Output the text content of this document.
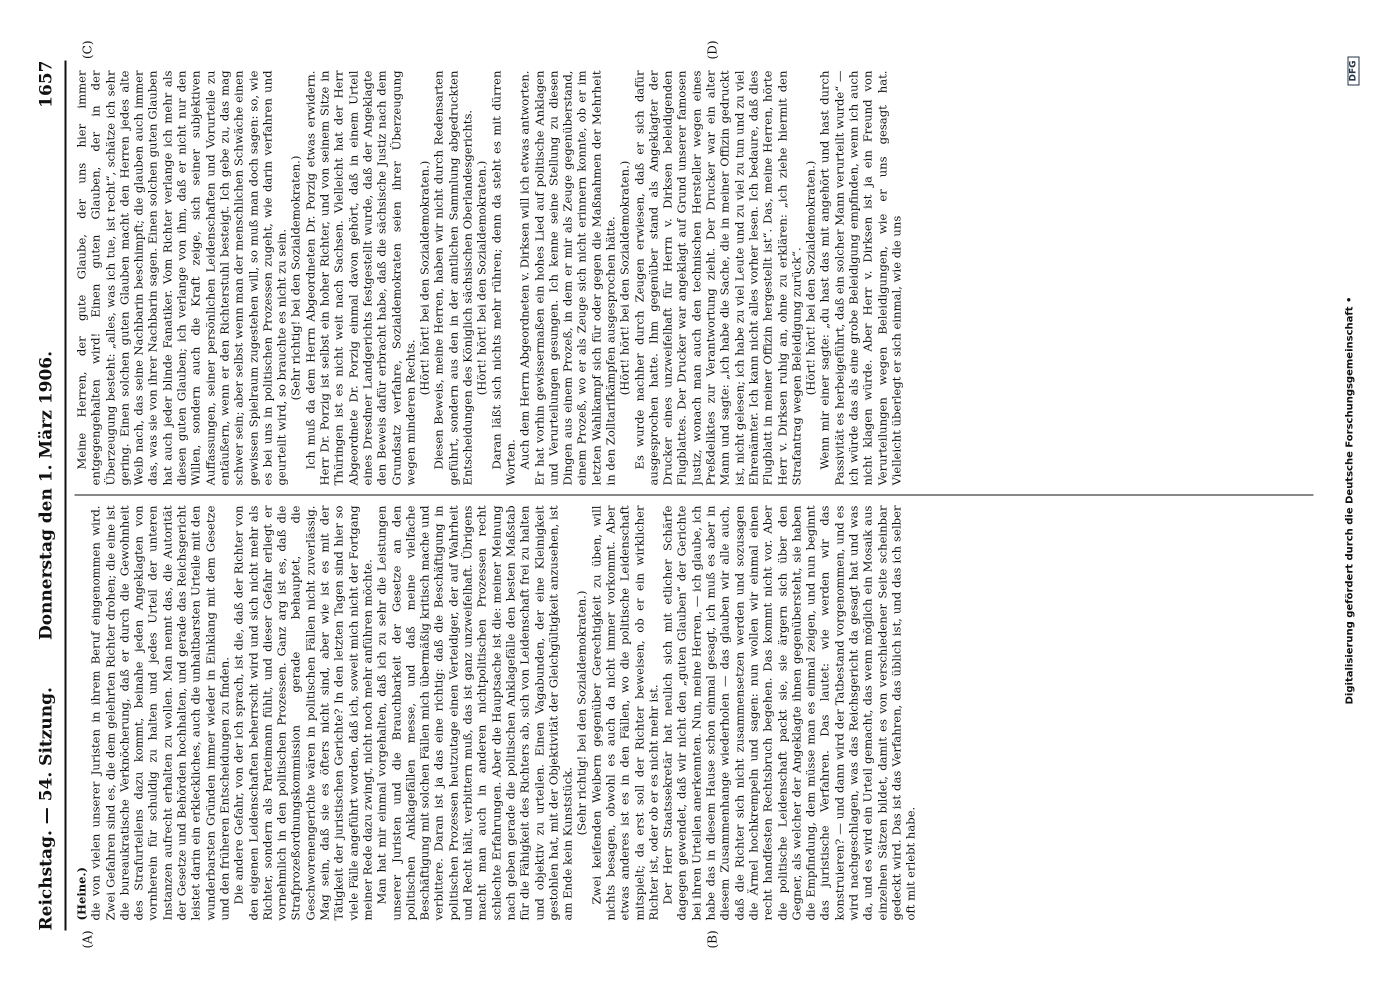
Reichstag. — 54. Sitzung.
Donnerstag den 1. März 1906.
1657
(A)	(B)
(C)	(D)

(Heine.) die von vielen unserer Juristen in ihrem Beruf eingenommen wird. Zwei Gefahren sind es, die dem gelehrten Richter drohen; die eine ist die bureaukratische Verknöcherung, daß er durch die Gewohnheit des Strafurteilens dazu kommt, beinahe jeden Angeklagten von vornherein für schuldig zu halten und jedes Urteil der unteren Instanzen aufrecht erhalten zu wollen. Man nennt das, die Autorität der Gesetze und Behörden hochhalten, und gerade das Reichsgericht leistet darin ein erkleckliches, auch die unhaltbarsten Urteile mit den wunderbarsten Gründen immer wieder in Einklang mit dem Gesetze und den früheren Entscheidungen zu finden. Die andere Gefahr, von der ich sprach, ist die, daß der Richter von den eigenen Leidenschaften beherrscht wird und sich nicht mehr als Richter, sondern als Parteimann fühlt, und dieser Gefahr erliegt er vornehmlich in den politischen Prozessen. Ganz arg ist es, daß die Strafprozeßordnungskommission gerade behauptet, die Geschworenengerichte wären in politischen Fällen nicht zuverlässig. Mag sein, daß sie es öfters nicht sind, aber wie ist es mit der Tätigkeit der juristischen Gerichte? In den letzten Tagen sind hier so viele Fälle angeführt worden, daß ich, soweit mich nicht der Fortgang meiner Rede dazu zwingt, nicht noch mehr anführen möchte. Man hat mir einmal vorgehalten, daß ich zu sehr die Leistungen unserer Juristen und die Brauchbarkeit der Gesetze an den politischen Anklagefällen messe, und daß meine vielfache Beschäftigung mit solchen Fällen mich übermäßig kritisch mache und verbittere. Daran ist ja das eine richtig: daß die Beschäftigung in politischen Prozessen heutzutage einen Verteidiger, der auf Wahrheit und Recht hält, verbittern muß, das ist ganz unzweifelhaft. Übrigens macht man auch in anderen nichtpolitischen Prozessen recht schlechte Erfahrungen. Aber die Hauptsache ist die: meiner Meinung nach geben gerade die politischen Anklagefälle den besten Maßstab für die Fähigkeit des Richters ab, sich von Leidenschaft frei zu halten und objektiv zu urteilen. Einen Vagabunden, der eine Kleinigkeit gestohlen hat, mit der Objektivität der Gleichgültigkeit anzusehen, ist am Ende kein Kunststück.

(Sehr richtig! bei den Sozialdemokraten.) Zwei keifenden Weibern gegenüber Gerechtigkeit zu üben, will nichts besagen, obwohl es auch da nicht immer vorkommt. Aber etwas anderes ist es in den Fällen, wo die politische Leidenschaft mitspielt; da erst soll der Richter beweisen, ob er ein wirklicher Richter ist, oder ob er es nicht mehr ist. Der Herr Staatssekretär hat neulich sich mit etlicher Schärfe dagegen gewendet, daß wir nicht den „guten Glauben“ der Gerichte bei ihren Urteilen anerkennten. Nun, meine Herren, — ich glaube, ich habe das in diesem Hause schon einmal gesagt, ich muß es aber in diesem Zusammenhange wiederholen — das glauben wir alle auch, daß die Richter sich nicht zusammensetzen werden und sozusagen die Ärmel hochkrempeln und sagen: nun wollen wir einmal einen recht handfesten Rechtsbruch begehen. Das kommt nicht vor. Aber die politische Leidenschaft packt sie, sie ärgern sich über den Gegner, als welcher der Angeklagte ihnen gegenübersteht, sie haben die Empfindung, dem müsse man es einmal zeigen, und nun beginnt das juristische Verfahren. Das lautet: wie werden wir das konstruieren? — und dann wird der Tatbestand vorgenommen, und es wird nachgeschlagen, was das Reichsgericht da gesagt hat und was da, und es wird ein Urteil gemacht, das wenn möglich ein Mosaik aus einzelnen Sätzen bildet, damit es von verschiedener Seite scheinbar gedeckt wird. Das ist das Verfahren, das üblich ist, und das ich selber oft mit erlebt habe.

Meine Herren, der gute Glaube, der uns hier immer entgegengehalten wird! Einen guten Glauben, der in der Überzeugung besteht: „alles, was ich tue, ist recht“, schätze ich sehr gering. Einen solchen guten Glauben macht den Herren jedes alte Weib nach, das seine Nachbarin beschimpft; die glauben auch immer das, was sie von ihrer Nachbarin sagen. Einen solchen guten Glauben hat auch jeder blinde Fanatiker. Vom Richter verlange ich mehr als diesen guten Glauben; ich verlange von ihm, daß er nicht nur den Willen, sondern auch die Kraft zeige, sich seiner subjektiven Auffassungen, seiner persönlichen Leidenschaften und Vorurteile zu entäußern, wenn er den Richterstuhl besteigt. Ich gebe zu, das mag schwer sein; aber selbst wenn man der menschlichen Schwäche einen gewissen Spielraum zugestehen will, so muß man doch sagen: so, wie es bei uns in politischen Prozessen zugeht, wie darin verfahren und geurteilt wird, so brauchte es nicht zu sein. (Sehr richtig! bei den Sozialdemokraten.) Ich muß da dem Herrn Abgeordneten Dr. Porzig etwas erwidern. Herr Dr. Porzig ist selbst ein hoher Richter, und von seinem Sitze in Thüringen ist es nicht weit nach Sachsen. Vielleicht hat der Herr Abgeordnete Dr. Porzig einmal davon gehört, daß in einem Urteil eines Dresdner Landgerichts festgestellt wurde, daß der Angeklagte den Beweis dafür erbracht habe, daß die sächsische Justiz nach dem Grundsatz verfahre, Sozialdemokraten seien ihrer Überzeugung wegen minderen Rechts.

(Hört! hört! bei den Sozialdemokraten.) Diesen Beweis, meine Herren, haben wir nicht durch Redensarten geführt, sondern aus den in der amtlichen Sammlung abgedruckten Entscheidungen des Königlich sächsischen Oberlandesgerichts. (Hört! hört! bei den Sozialdemokraten.) Daran läßt sich nichts mehr rühren; denn da steht es mit dürren Worten. Auch dem Herrn Abgeordneten v. Dirksen will ich etwas antworten. Er hat vorhin gewissermaßen ein hohes Lied auf politische Anklagen und Verurteilungen gesungen. Ich kenne seine Stellung zu diesen Dingen aus einem Prozeß, in dem er mir als Zeuge gegenüberstand, einem Prozeß, wo er als Zeuge sich nicht erinnern konnte, ob er im letzten Wahlkampf sich für oder gegen die Maßnahmen der Mehrheit in den Zolltarifkämpfen ausgesprochen hätte. (Hört! hört! bei den Sozialdemokraten.) Es wurde nachher durch Zeugen erwiesen, daß er sich dafür ausgesprochen hatte. Ihm gegenüber stand als Angeklagter der Drucker eines unzweifelhaft für Herrn v. Dirksen beleidigenden Flugblattes. Der Drucker war angeklagt auf Grund unserer famosen Justiz, wonach man auch den technischen Hersteller wegen eines Preßdeliktes zur Verantwortung zieht. Der Drucker war ein alter Mann und sagte: „ich habe die Sache, die in meiner Offizin gedruckt ist, nicht gelesen; ich habe zu viel Leute und zu viel zu tun und zu viel Ehrenämter. Ich kann nicht alles vorher lesen. Ich bedaure, daß dies Flugblatt in meiner Offizin hergestellt ist“. Das, meine Herren, hörte Herr v. Dirksen ruhig an, ohne zu erklären: „ich ziehe hiermit den Strafantrag wegen Beleidigung zurück“. (Hört! hört! bei den Sozialdemokraten.) Wenn mir einer sagte: „du hast das mit angehört und hast durch Passivität es herbeigeführt, daß ein solcher Mann verurteilt wurde“ — ich würde das als eine grobe Beleidigung empfinden, wenn ich auch nicht klagen würde. Aber Herr v. Dirksen ist ja ein Freund von Verurteilungen wegen Beleidigungen, wie er uns gesagt hat. Vielleicht überlegt er sich einmal, wie die uns	Digitalisierung gefördert durch die Deutsche Forschungsgemeinschaft •
DFG
